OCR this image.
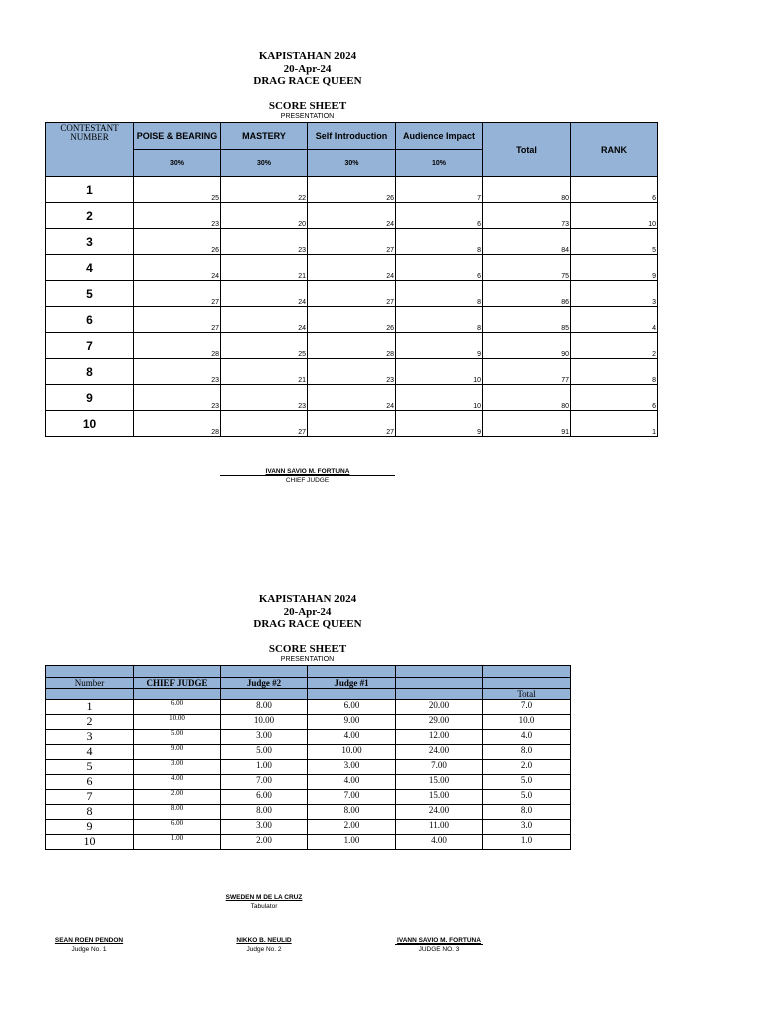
KAPISTAHAN 2024
20-Apr-24
DRAG RACE QUEEN
SCORE SHEET
PRESENTATION
CONTESTANT NUMBER	POISE & BEARING	MASTERY	Self Introduction	Audience Impact	Total	RANK
	30%	30%	30%	10%		
1	25	22	26	7	80	6
2	23	20	24	6	73	10
3	26	23	27	8	84	5
4	24	21	24	6	75	9
5	27	24	27	8	86	3
6	27	24	26	8	85	4
7	28	25	28	9	90	2
8	23	21	23	10	77	8
9	23	23	24	10	80	6
10	28	27	27	9	91	1
IVANN SAVIO M. FORTUNA
CHIEF JUDGE
KAPISTAHAN 2024
20-Apr-24
DRAG RACE QUEEN
SCORE SHEET
PRESENTATION

Number	CHIEF JUDGE	Judge #2	Judge #1		
					Total
1	6.00	8.00	6.00	20.00	7.0
2	10.00	10.00	9.00	29.00	10.0
3	5.00	3.00	4.00	12.00	4.0
4	9.00	5.00	10.00	24.00	8.0
5	3.00	1.00	3.00	7.00	2.0
6	4.00	7.00	4.00	15.00	5.0
7	2.00	6.00	7.00	15.00	5.0
8	8.00	8.00	8.00	24.00	8.0
9	6.00	3.00	2.00	11.00	3.0
10	1.00	2.00	1.00	4.00	1.0
SWEDEN M DE LA CRUZ
Tabulator
SEAN ROEN PENDON
Judge No. 1
NIKKO B. NEULID
Judge No. 2
IVANN SAVIO M. FORTUNA
JUDGE NO. 3
